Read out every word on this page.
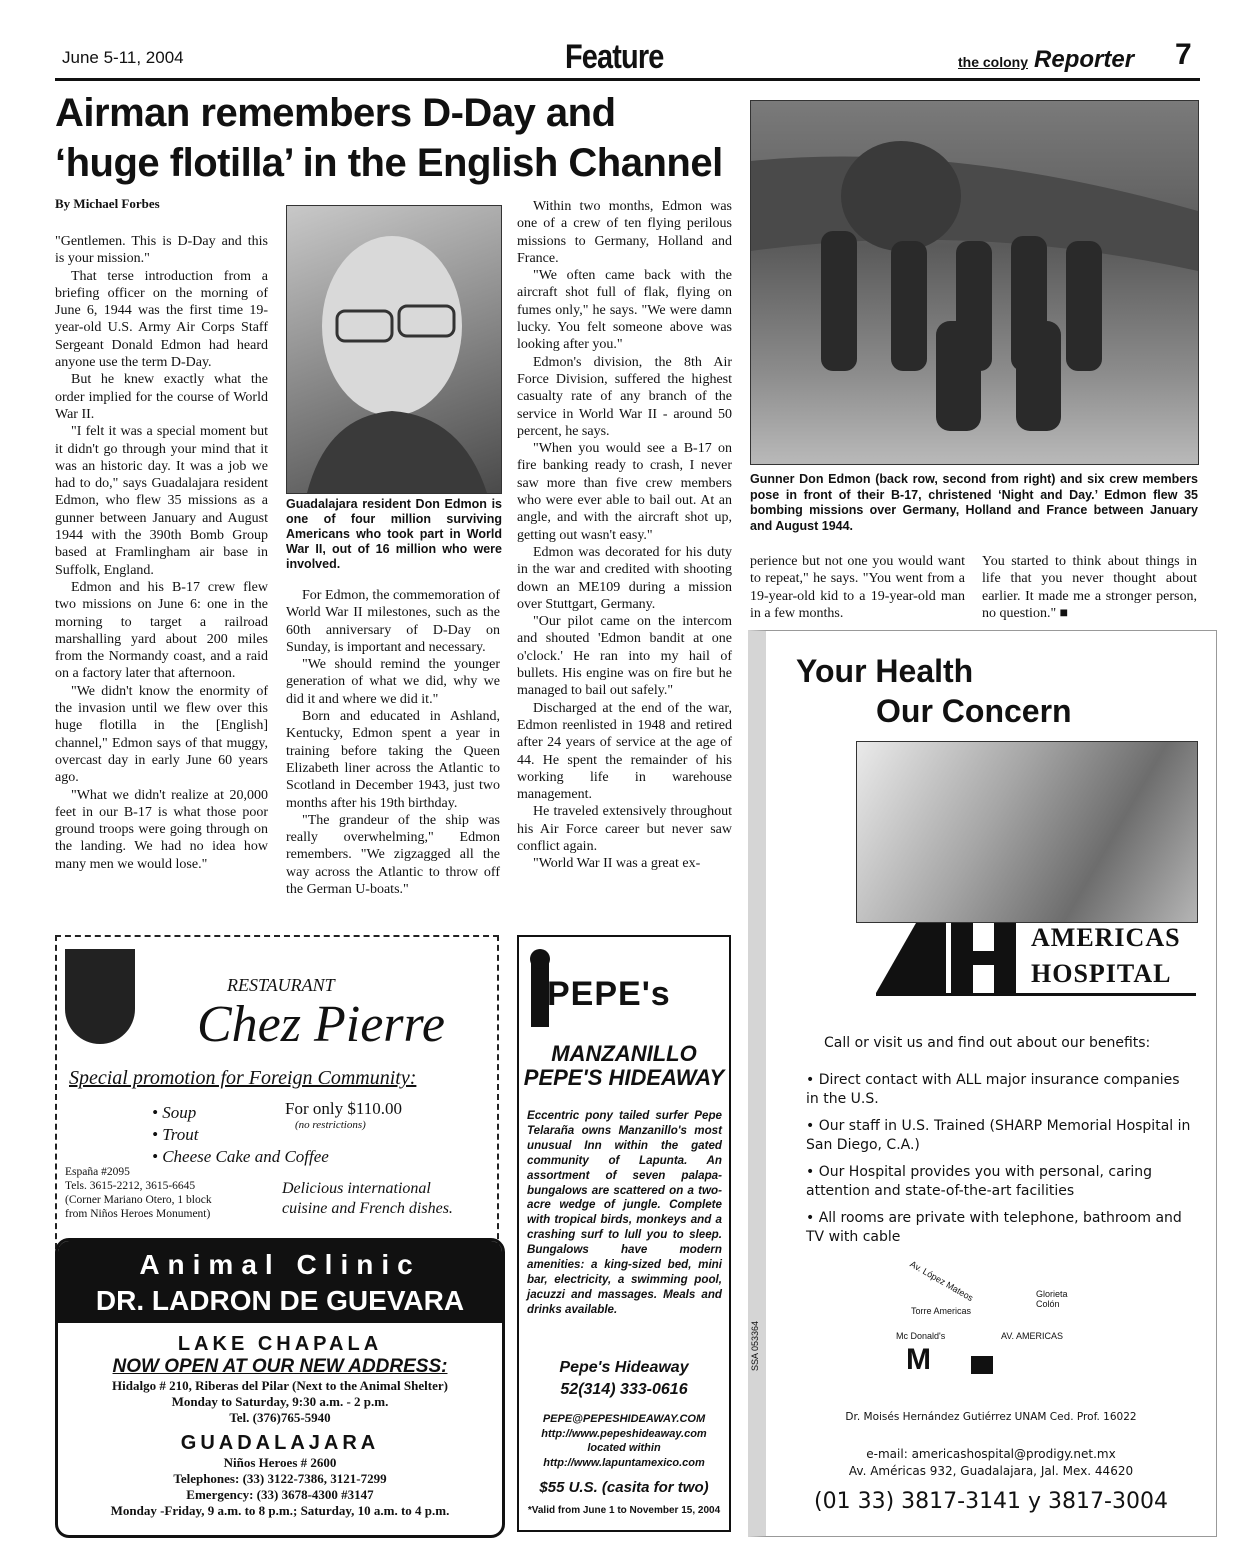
June 5-11, 2004	Feature	the colony Reporter 7
Airman remembers D-Day and
‘huge flotilla’ in the English Channel
By Michael Forbes

"Gentlemen. This is D-Day and this is your mission."

That terse introduction from a briefing officer on the morning of June 6, 1944 was the first time 19-year-old U.S. Army Air Corps Staff Sergeant Donald Edmon had heard anyone use the term D-Day.

But he knew exactly what the order implied for the course of World War II.

"I felt it was a special moment but it didn't go through your mind that it was an historic day. It was a job we had to do," says Guadalajara resident Edmon, who flew 35 missions as a gunner between January and August 1944 with the 390th Bomb Group based at Framlingham air base in Suffolk, England.

Edmon and his B-17 crew flew two missions on June 6: one in the morning to target a railroad marshalling yard about 200 miles from the Normandy coast, and a raid on a factory later that afternoon.

"We didn't know the enormity of the invasion until we flew over this huge flotilla in the [English] channel," Edmon says of that muggy, overcast day in early June 60 years ago.

"What we didn't realize at 20,000 feet in our B-17 is what those poor ground troops were going through on the landing. We had no idea how many men we would lose."

Guadalajara resident Don Edmon is one of four million surviving Americans who took part in World War II, out of 16 million who were involved.

For Edmon, the commemoration of World War II milestones, such as the 60th anniversary of D-Day on Sunday, is important and necessary.

"We should remind the younger generation of what we did, why we did it and where we did it."

Born and educated in Ashland, Kentucky, Edmon spent a year in training before taking the Queen Elizabeth liner across the Atlantic to Scotland in December 1943, just two months after his 19th birthday.

"The grandeur of the ship was really overwhelming," Edmon remembers. "We zigzagged all the way across the Atlantic to throw off the German U-boats."

Within two months, Edmon was one of a crew of ten flying perilous missions to Germany, Holland and France.

"We often came back with the aircraft shot full of flak, flying on fumes only," he says. "We were damn lucky. You felt someone above was looking after you."

Edmon's division, the 8th Air Force Division, suffered the highest casualty rate of any branch of the service in World War II - around 50 percent, he says.

"When you would see a B-17 on fire banking ready to crash, I never saw more than five crew members who were ever able to bail out. At an angle, and with the aircraft shot up, getting out wasn't easy."

Edmon was decorated for his duty in the war and credited with shooting down an ME109 during a mission over Stuttgart, Germany.

"Our pilot came on the intercom and shouted 'Edmon bandit at one o'clock.' He ran into my hail of bullets. His engine was on fire but he managed to bail out safely."

Discharged at the end of the war, Edmon reenlisted in 1948 and retired after 24 years of service at the age of 44. He spent the remainder of his working life in warehouse management.

He traveled extensively throughout his Air Force career but never saw conflict again.

"World War II was a great ex-

Gunner Don Edmon (back row, second from right) and six crew members pose in front of their B-17, christened ‘Night and Day.’ Edmon flew 35 bombing missions over Germany, Holland and France between January and August 1944.

perience but not one you would want to repeat," he says. "You went from a 19-year-old kid to a 19-year-old man in a few months.

You started to think about things in life that you never thought about earlier. It made me a stronger person, no question." ■

RESTAURANT
Chez Pierre
Special promotion for Foreign Community:
• Soup
• Trout
• Cheese Cake and Coffee
For only $110.00
(no restrictions)
España #2095
Tels. 3615-2212, 3615-6645
(Corner Mariano Otero, 1 block
from Niños Heroes Monument)
Delicious international
cuisine and French dishes.
Animal Clinic
DR. LADRON DE GUEVARA
LAKE CHAPALA
NOW OPEN AT OUR NEW ADDRESS:
Hidalgo # 210, Riberas del Pilar (Next to the Animal Shelter)
Monday to Saturday, 9:30 a.m. - 2 p.m.
Tel. (376)765-5940
GUADALAJARA
Niños Heroes # 2600
Telephones: (33) 3122-7386, 3121-7299
Emergency: (33) 3678-4300 #3147
Monday -Friday, 9 a.m. to 8 p.m.; Saturday, 10 a.m. to 4 p.m.
PEPE's
MANZANILLO
PEPE'S HIDEAWAY
Eccentric pony tailed surfer Pepe Telaraña owns Manzanillo's most unusual Inn within the gated community of Lapunta. An assortment of seven palapa-bungalows are scattered on a two-acre wedge of jungle. Complete with tropical birds, monkeys and a crashing surf to lull you to sleep. Bungalows have modern amenities: a king-sized bed, mini bar, electricity, a swimming pool, jacuzzi and massages. Meals and drinks available.
Pepe's Hideaway
52(314) 333-0616
PEPE@PEPESHIDEAWAY.COM
http://www.pepeshideaway.com
located within
http://www.lapuntamexico.com
$55 U.S. (casita for two)
*Valid from June 1 to November 15, 2004
SSA 053364
Your Health
Our Concern
AMERICAS
HOSPITAL
Call or visit us and find out about our benefits:
• Direct contact with ALL major insurance companies in the U.S.
• Our staff in U.S. Trained (SHARP Memorial Hospital in San Diego, C.A.)
• Our Hospital provides you with personal, caring attention and state-of-the-art facilities
• All rooms are private with telephone, bathroom and TV with cable
Av. López Mateos	Glorieta Colón
Torre Americas
Mc Donald's	AV. AMERICAS
M
Dr. Moisés Hernández Gutiérrez UNAM Ced. Prof. 16022
e-mail: americashospital@prodigy.net.mx
Av. Américas 932, Guadalajara, Jal. Mex. 44620
(01 33) 3817-3141 y 3817-3004
